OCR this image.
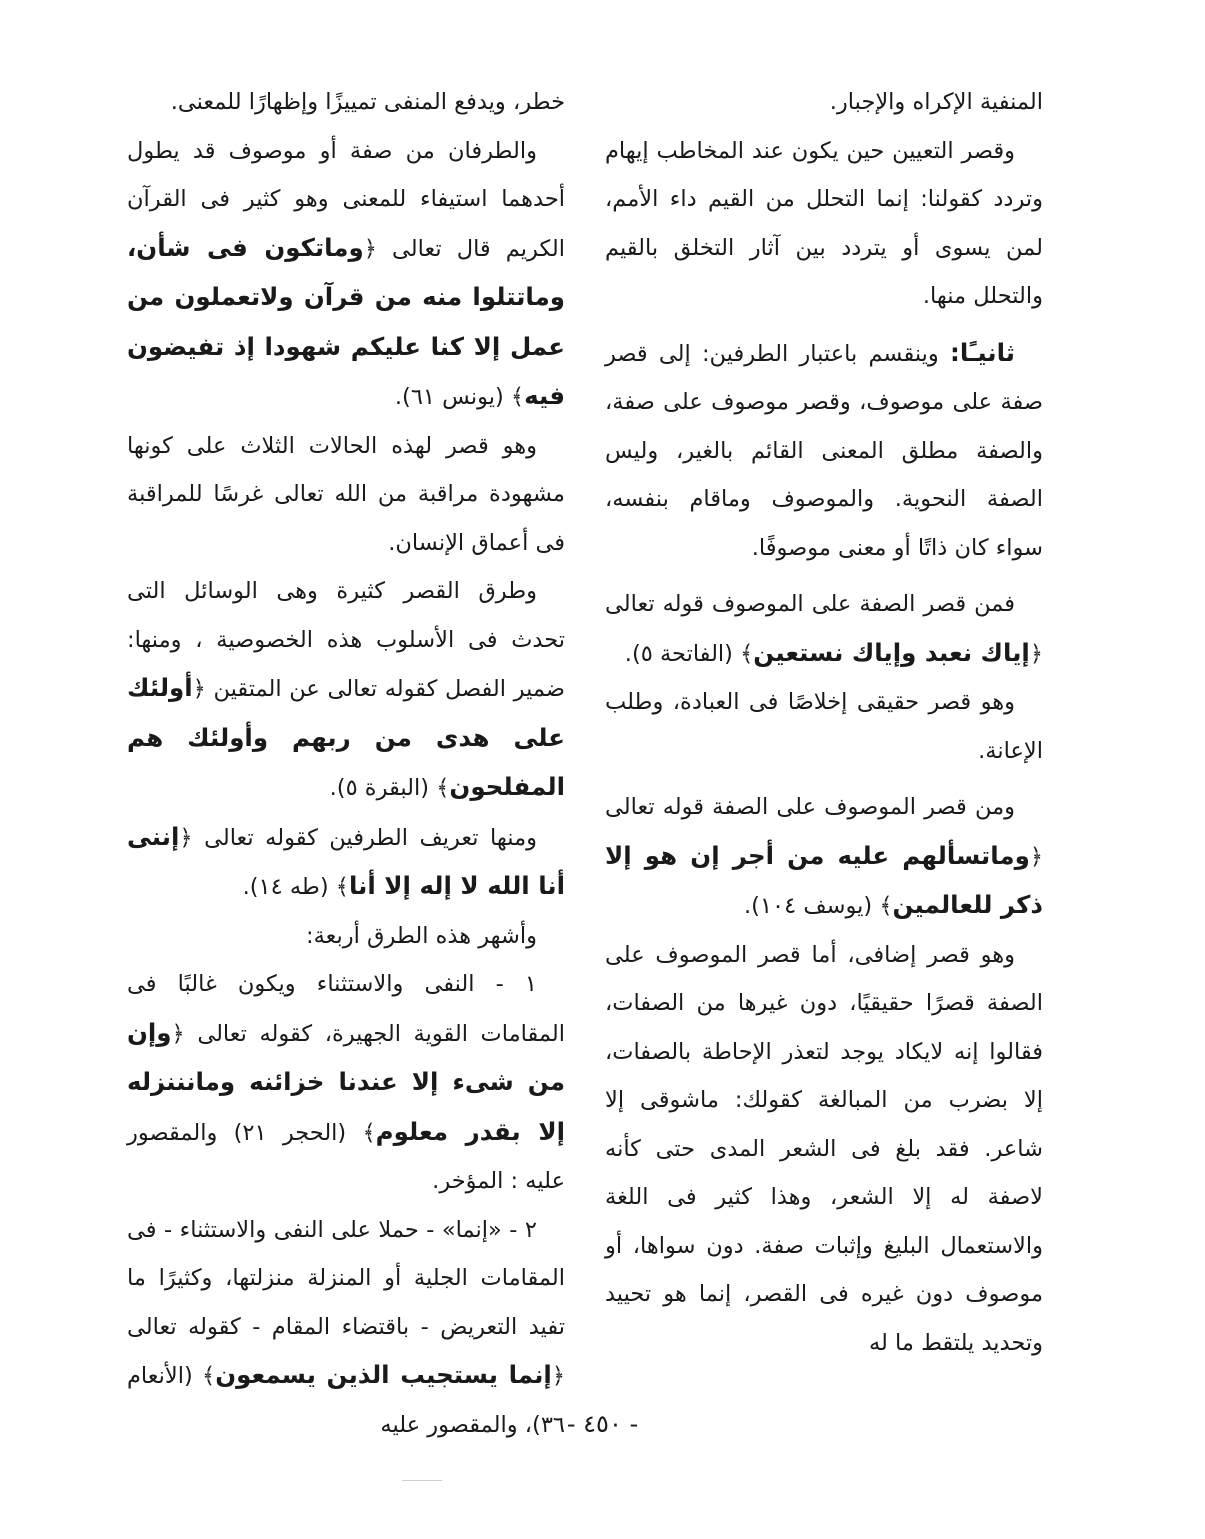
المنفية الإكراه والإجبار.

وقصر التعيين حين يكون عند المخاطب إيهام وتردد كقولنا: إنما التحلل من القيم داء الأمم، لمن يسوى أو يتردد بين آثار التخلق بالقيم والتحلل منها.

ثانيـًا: وينقسم باعتبار الطرفين: إلى قصر صفة على موصوف، وقصر موصوف على صفة، والصفة مطلق المعنى القائم بالغير، وليس الصفة النحوية. والموصوف وماقام بنفسه، سواء كان ذاتًا أو معنى موصوفًا.

فمن قصر الصفة على الموصوف قوله تعالى ﴿إياك نعبد وإياك نستعين﴾ (الفاتحة ٥).

وهو قصر حقيقى إخلاصًا فى العبادة، وطلب الإعانة.

ومن قصر الموصوف على الصفة قوله تعالى ﴿وماتسألهم عليه من أجر إن هو إلا ذكر للعالمين﴾ (يوسف ١٠٤).

وهو قصر إضافى، أما قصر الموصوف على الصفة قصرًا حقيقيًا، دون غيرها من الصفات، فقالوا إنه لايكاد يوجد لتعذر الإحاطة بالصفات، إلا بضرب من المبالغة كقولك: ماشوقى إلا شاعر. فقد بلغ فى الشعر المدى حتى كأنه لاصفة له إلا الشعر، وهذا كثير فى اللغة والاستعمال البليغ وإثبات صفة. دون سواها، أو موصوف دون غيره فى القصر، إنما هو تحييد وتحديد يلتقط ما له

خطر، ويدفع المنفى تمييزًا وإظهارًا للمعنى.

والطرفان من صفة أو موصوف قد يطول أحدهما استيفاء للمعنى وهو كثير فى القرآن الكريم قال تعالى ﴿وماتكون فى شأن، وماتتلوا منه من قرآن ولاتعملون من عمل إلا كنا عليكم شهودا إذ تفيضون فيه﴾ (يونس ٦١).

وهو قصر لهذه الحالات الثلاث على كونها مشهودة مراقبة من الله تعالى غرسًا للمراقبة فى أعماق الإنسان.

وطرق القصر كثيرة وهى الوسائل التى تحدث فى الأسلوب هذه الخصوصية ، ومنها: ضمير الفصل كقوله تعالى عن المتقين ﴿أولئك على هدى من ربهم وأولئك هم المفلحون﴾ (البقرة ٥).

ومنها تعريف الطرفين كقوله تعالى ﴿إننى أنا الله لا إله إلا أنا﴾ (طه ١٤).

وأشهر هذه الطرق أربعة:

١ - النفى والاستثناء ويكون غالبًا فى المقامات القوية الجهيرة، كقوله تعالى ﴿وإن من شىء إلا عندنا خزائنه ومانننزله إلا بقدر معلوم﴾ (الحجر ٢١) والمقصور عليه : المؤخر.

٢ - «إنما» - حملا على النفى والاستثناء - فى المقامات الجلية أو المنزلة منزلتها، وكثيرًا ما تفيد التعريض - باقتضاء المقام - كقوله تعالى ﴿إنما يستجيب الذين يسمعون﴾ (الأنعام ٣٦)، والمقصور عليه - ٤٥٠ -
